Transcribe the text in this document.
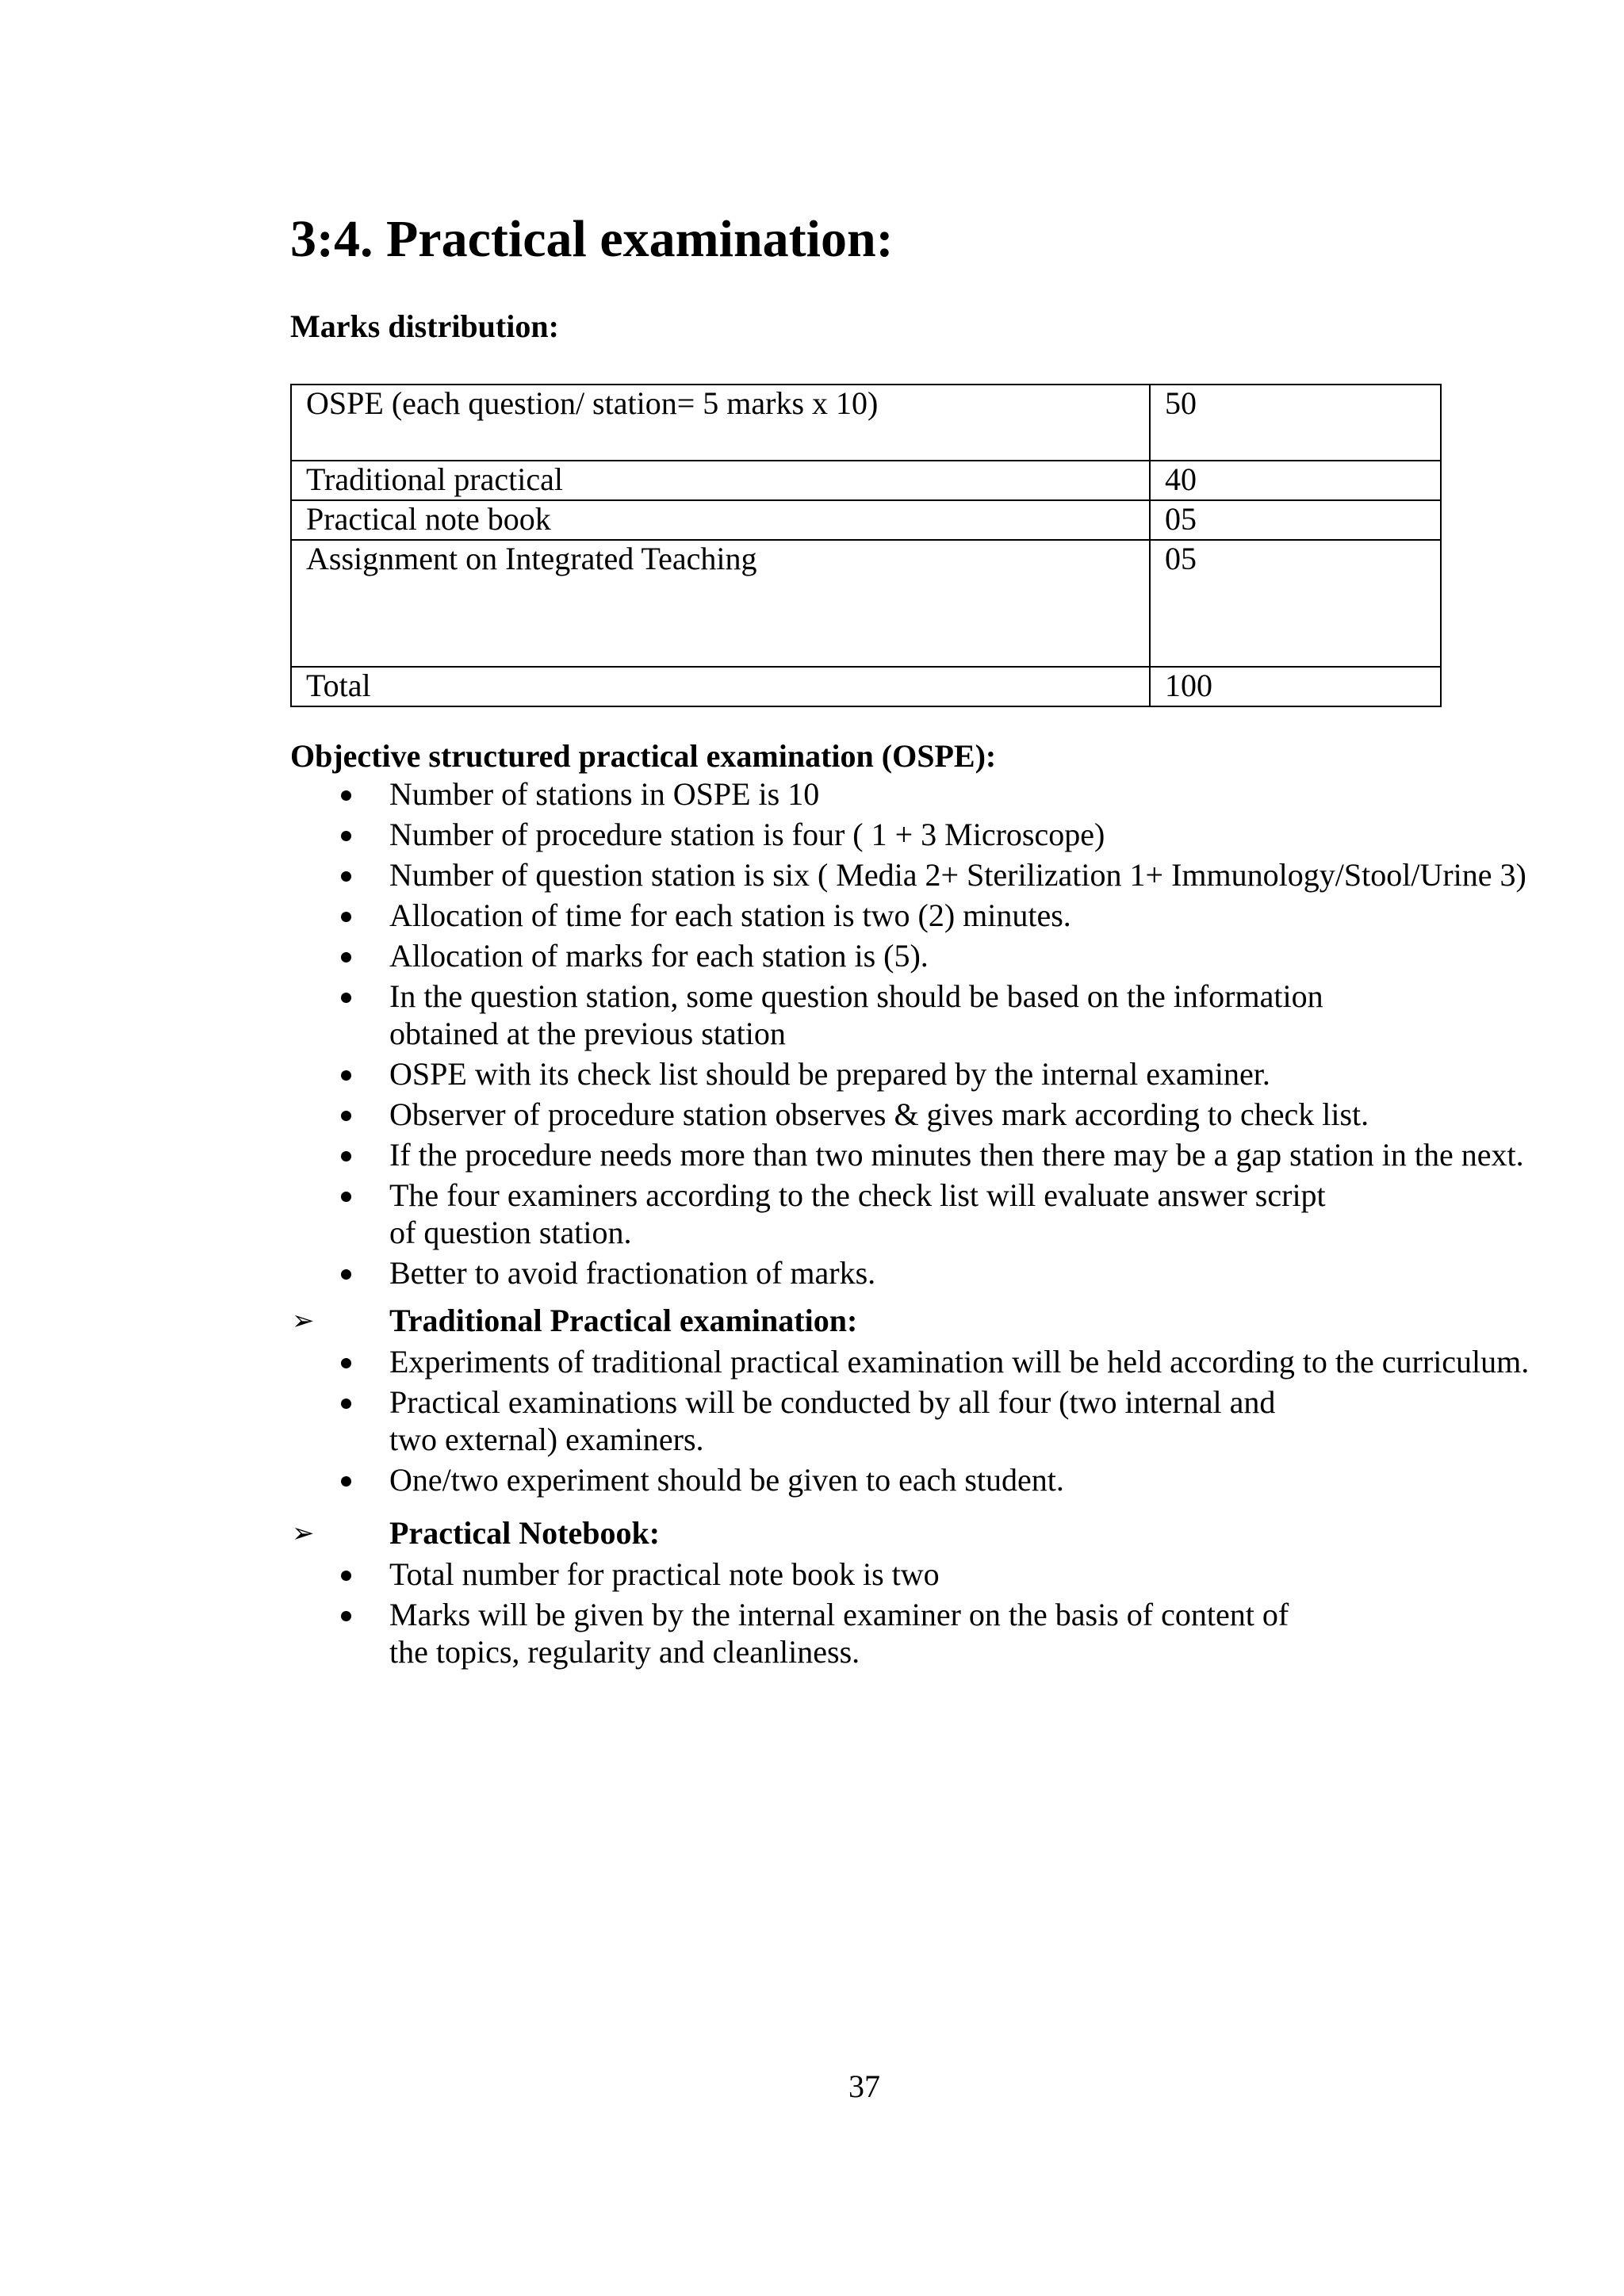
3:4. Practical examination:
Marks distribution:
OSPE (each question/ station= 5 marks x 10)	50
Traditional practical	40
Practical note book	05
Assignment on Integrated Teaching	05
Total	100
Objective structured practical examination (OSPE):
Number of stations in OSPE is 10
Number of procedure station is four ( 1 + 3 Microscope)
Number of question station is six ( Media 2+ Sterilization 1+ Immunology/Stool/Urine 3)
Allocation of time for each station is two (2) minutes.
Allocation of marks for each station is (5).
In the question station, some question should be based on the information
obtained at the previous station
OSPE with its check list should be prepared by the internal examiner.
Observer of procedure station observes & gives mark according to check list.
If the procedure needs more than two minutes then there may be a gap station in the next.
The four examiners according to the check list will evaluate answer script
of question station.
Better to avoid fractionation of marks.
➢ Traditional Practical examination:
Experiments of traditional practical examination will be held according to the curriculum.
Practical examinations will be conducted by all four (two internal and
two external) examiners.
One/two experiment should be given to each student.
➢ Practical Notebook:
Total number for practical note book is two
Marks will be given by the internal examiner on the basis of content of
the topics, regularity and cleanliness.
37
